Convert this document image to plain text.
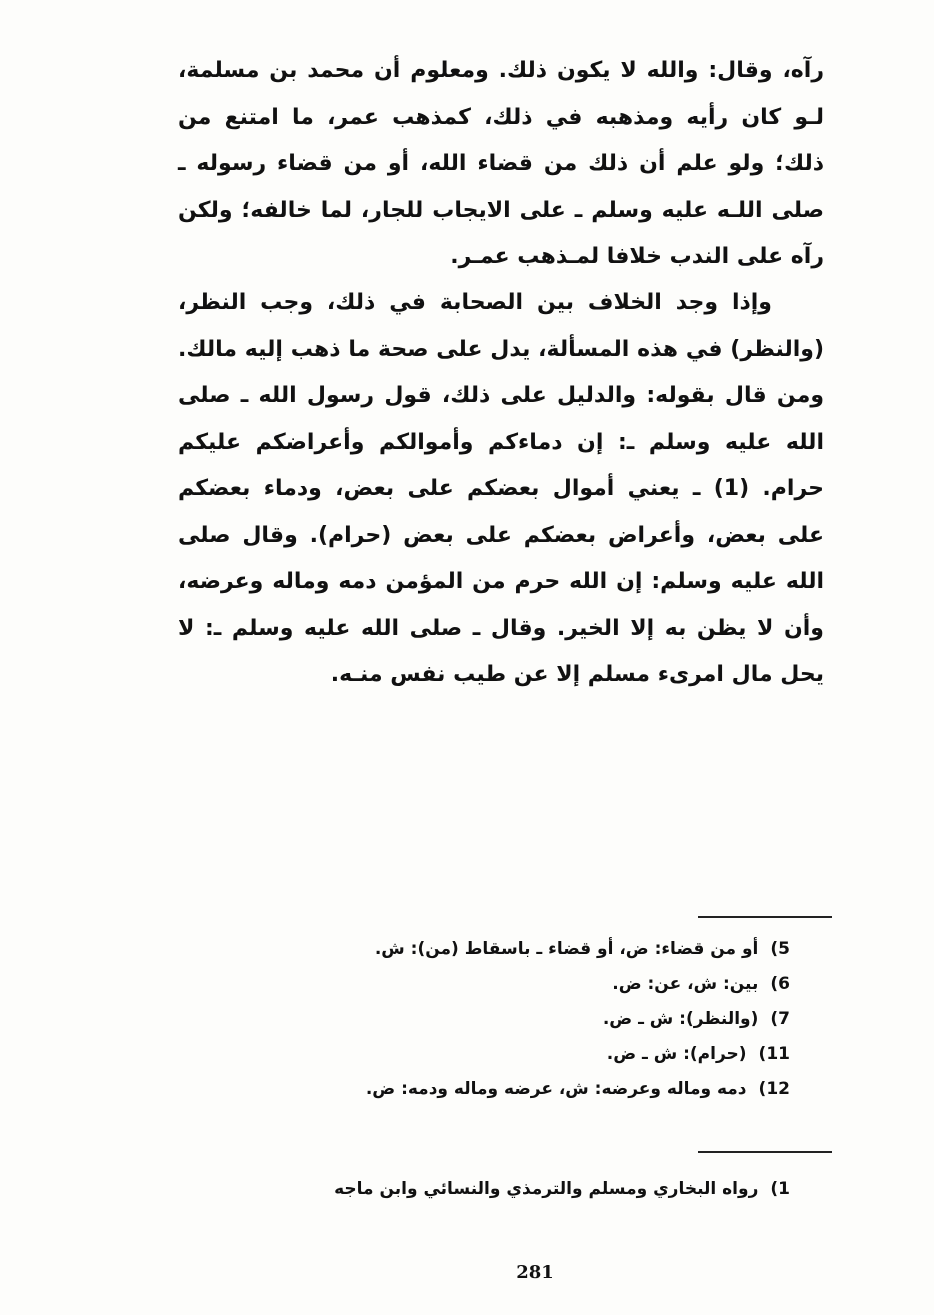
رآه، وقال: والله لا يكون ذلك. ومعلوم أن محمد بن مسلمة، لـو كان رأيه ومذهبه في ذلك، كمذهب عمر، ما امتنع من ذلك؛ ولو علم أن ذلك من قضاء الله، أو من قضاء رسوله ـ صلى اللـه عليه وسلم ـ على الايجاب للجار، لما خالفه؛ ولكن رآه على الندب خلافا لمـذهب عمـر.

وإذا وجد الخلاف بين الصحابة في ذلك، وجب النظر، (والنظر) في هذه المسألة، يدل على صحة ما ذهب إليه مالك. ومن قال بقوله: والدليل على ذلك، قول رسول الله ـ صلى الله عليه وسلم ـ: إن دماءكم وأموالكم وأعراضكم عليكم حرام. (1) ـ يعني أموال بعضكم على بعض، ودماء بعضكم على بعض، وأعراض بعضكم على بعض (حرام). وقال صلى الله عليه وسلم: إن الله حرم من المؤمن دمه وماله وعرضه، وأن لا يظن به إلا الخير. وقال ـ صلى الله عليه وسلم ـ: لا يحل مال امرىء مسلم إلا عن طيب نفس منـه.

5)أو من قضاء: ض، أو قضاء ـ باسقاط (من): ش.
6)بين: ش، عن: ض.
7)(والنظر): ش ـ ض.
11)(حرام): ش ـ ض.
12)دمه وماله وعرضه: ش، عرضه وماله ودمه: ض.
1)رواه البخاري ومسلم والترمذي والنسائي وابن ماجه
281
